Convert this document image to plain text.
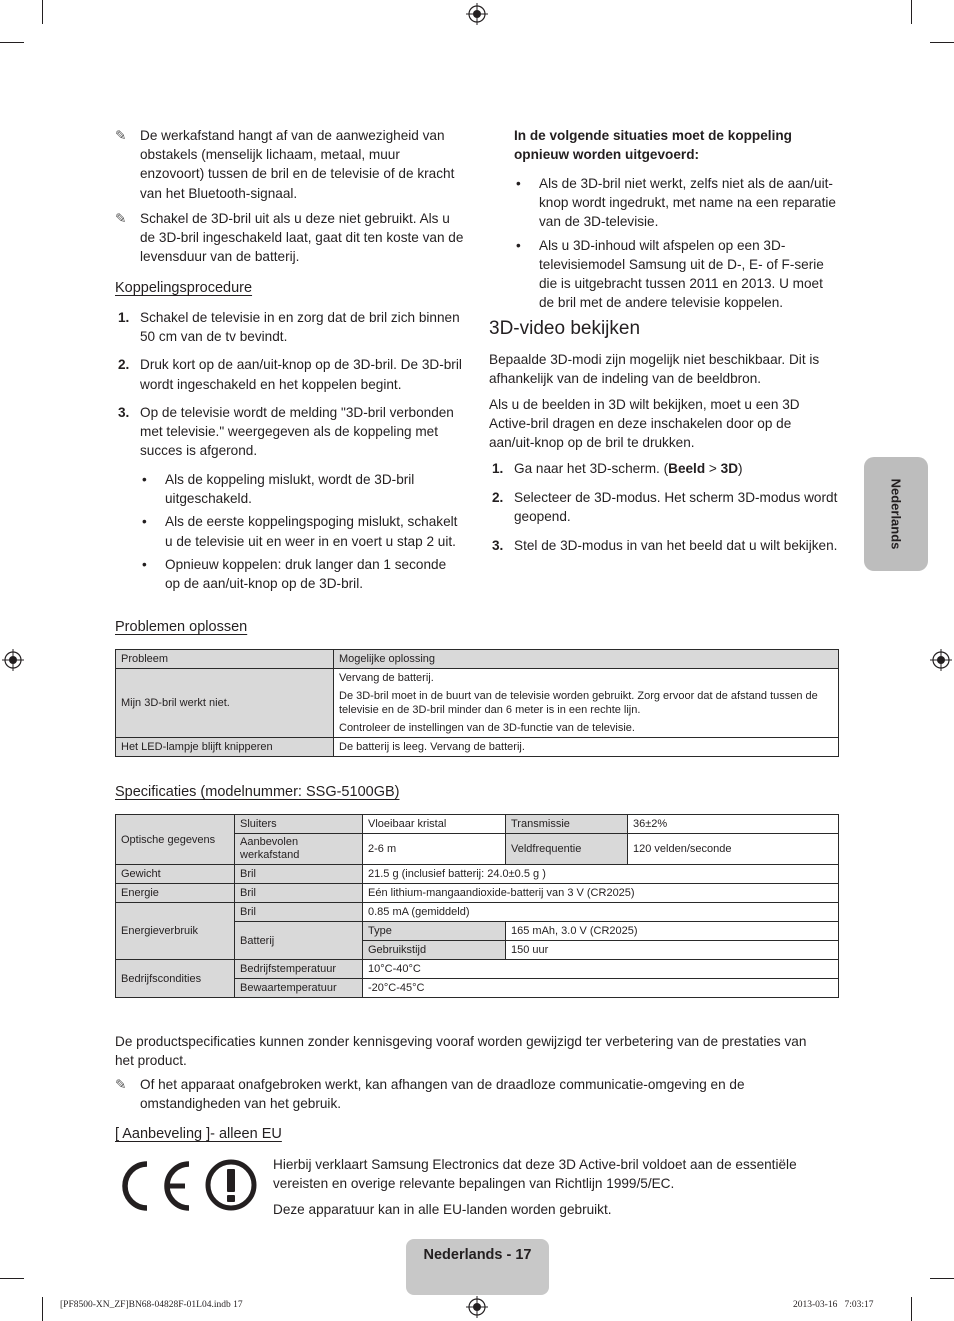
✎	De werkafstand hangt af van de aanwezigheid van obstakels (menselijk lichaam, metaal, muur enzovoort) tussen de bril en de televisie of de kracht van het Bluetooth-signaal.
✎	Schakel de 3D-bril uit als u deze niet gebruikt. Als u de 3D-bril ingeschakeld laat, gaat dit ten koste van de levensduur van de batterij.
Koppelingsprocedure
1. Schakel de televisie in en zorg dat de bril zich binnen 50 cm van de tv bevindt.
2. Druk kort op de aan/uit-knop op de 3D-bril. De 3D-bril wordt ingeschakeld en het koppelen begint.
3. Op de televisie wordt de melding "3D-bril verbonden met televisie." weergegeven als de koppeling met succes is afgerond.
• Als de koppeling mislukt, wordt de 3D-bril uitgeschakeld.
• Als de eerste koppelingspoging mislukt, schakelt u de televisie uit en weer in en voert u stap 2 uit.
• Opnieuw koppelen: druk langer dan 1 seconde op de aan/uit-knop op de 3D-bril.
In de volgende situaties moet de koppeling opnieuw worden uitgevoerd:
• Als de 3D-bril niet werkt, zelfs niet als de aan/uit-knop wordt ingedrukt, met name na een reparatie van de 3D-televisie.
• Als u 3D-inhoud wilt afspelen op een 3D-televisiemodel Samsung uit de D-, E- of F-serie die is uitgebracht tussen 2011 en 2013. U moet de bril met de andere televisie koppelen.
3D-video bekijken
Bepaalde 3D-modi zijn mogelijk niet beschikbaar. Dit is afhankelijk van de indeling van de beeldbron.
Als u de beelden in 3D wilt bekijken, moet u een 3D Active-bril dragen en deze inschakelen door op de aan/uit-knop op de bril te drukken.
1. Ga naar het 3D-scherm. (Beeld > 3D)
2. Selecteer de 3D-modus. Het scherm 3D-modus wordt geopend.
3. Stel de 3D-modus in van het beeld dat u wilt bekijken.	Nederlands
Problemen oplossen
Probleem	Mogelijke oplossing
Mijn 3D-bril werkt niet.	Vervang de batterij.
De 3D-bril moet in de buurt van de televisie worden gebruikt. Zorg ervoor dat de afstand tussen de televisie en de 3D-bril minder dan 6 meter is in een rechte lijn.
Controleer de instellingen van de 3D-functie van de televisie.

Het LED-lampje blijft knipperen	De batterij is leeg. Vervang de batterij.
Specificaties (modelnummer: SSG-5100GB)
Optische gegevens	Sluiters	Vloeibaar kristal	Transmissie	36±2%
	Aanbevolen werkafstand	2-6 m	Veldfrequentie	120 velden/seconde
Gewicht	Bril	21.5 g (inclusief batterij: 24.0±0.5 g )		
Energie	Bril	Eén lithium-mangaandioxide-batterij van 3 V (CR2025)		
Energieverbruik	Bril	0.85 mA (gemiddeld)		
	Batterij	Type	165 mAh, 3.0 V (CR2025)	
		Gebruikstijd	150 uur	
Bedrijfscondities	Bedrijfstemperatuur	10°C-40°C		
	Bewaartemperatuur	-20°C-45°C		
De productspecificaties kunnen zonder kennisgeving vooraf worden gewijzigd ter verbetering van de prestaties van het product.
✎	Of het apparaat onafgebroken werkt, kan afhangen van de draadloze communicatie-omgeving en de omstandigheden van het gebruik.
[ Aanbeveling ]- alleen EU
Hierbij verklaart Samsung Electronics dat deze 3D Active-bril voldoet aan de essentiële vereisten en overige relevante bepalingen van Richtlijn 1999/5/EC.
Deze apparatuur kan in alle EU-landen worden gebruikt.
Nederlands - 17
[PF8500-XN_ZF]BN68-04828F-01L04.indb 17	2013-03-16   7:03:17
